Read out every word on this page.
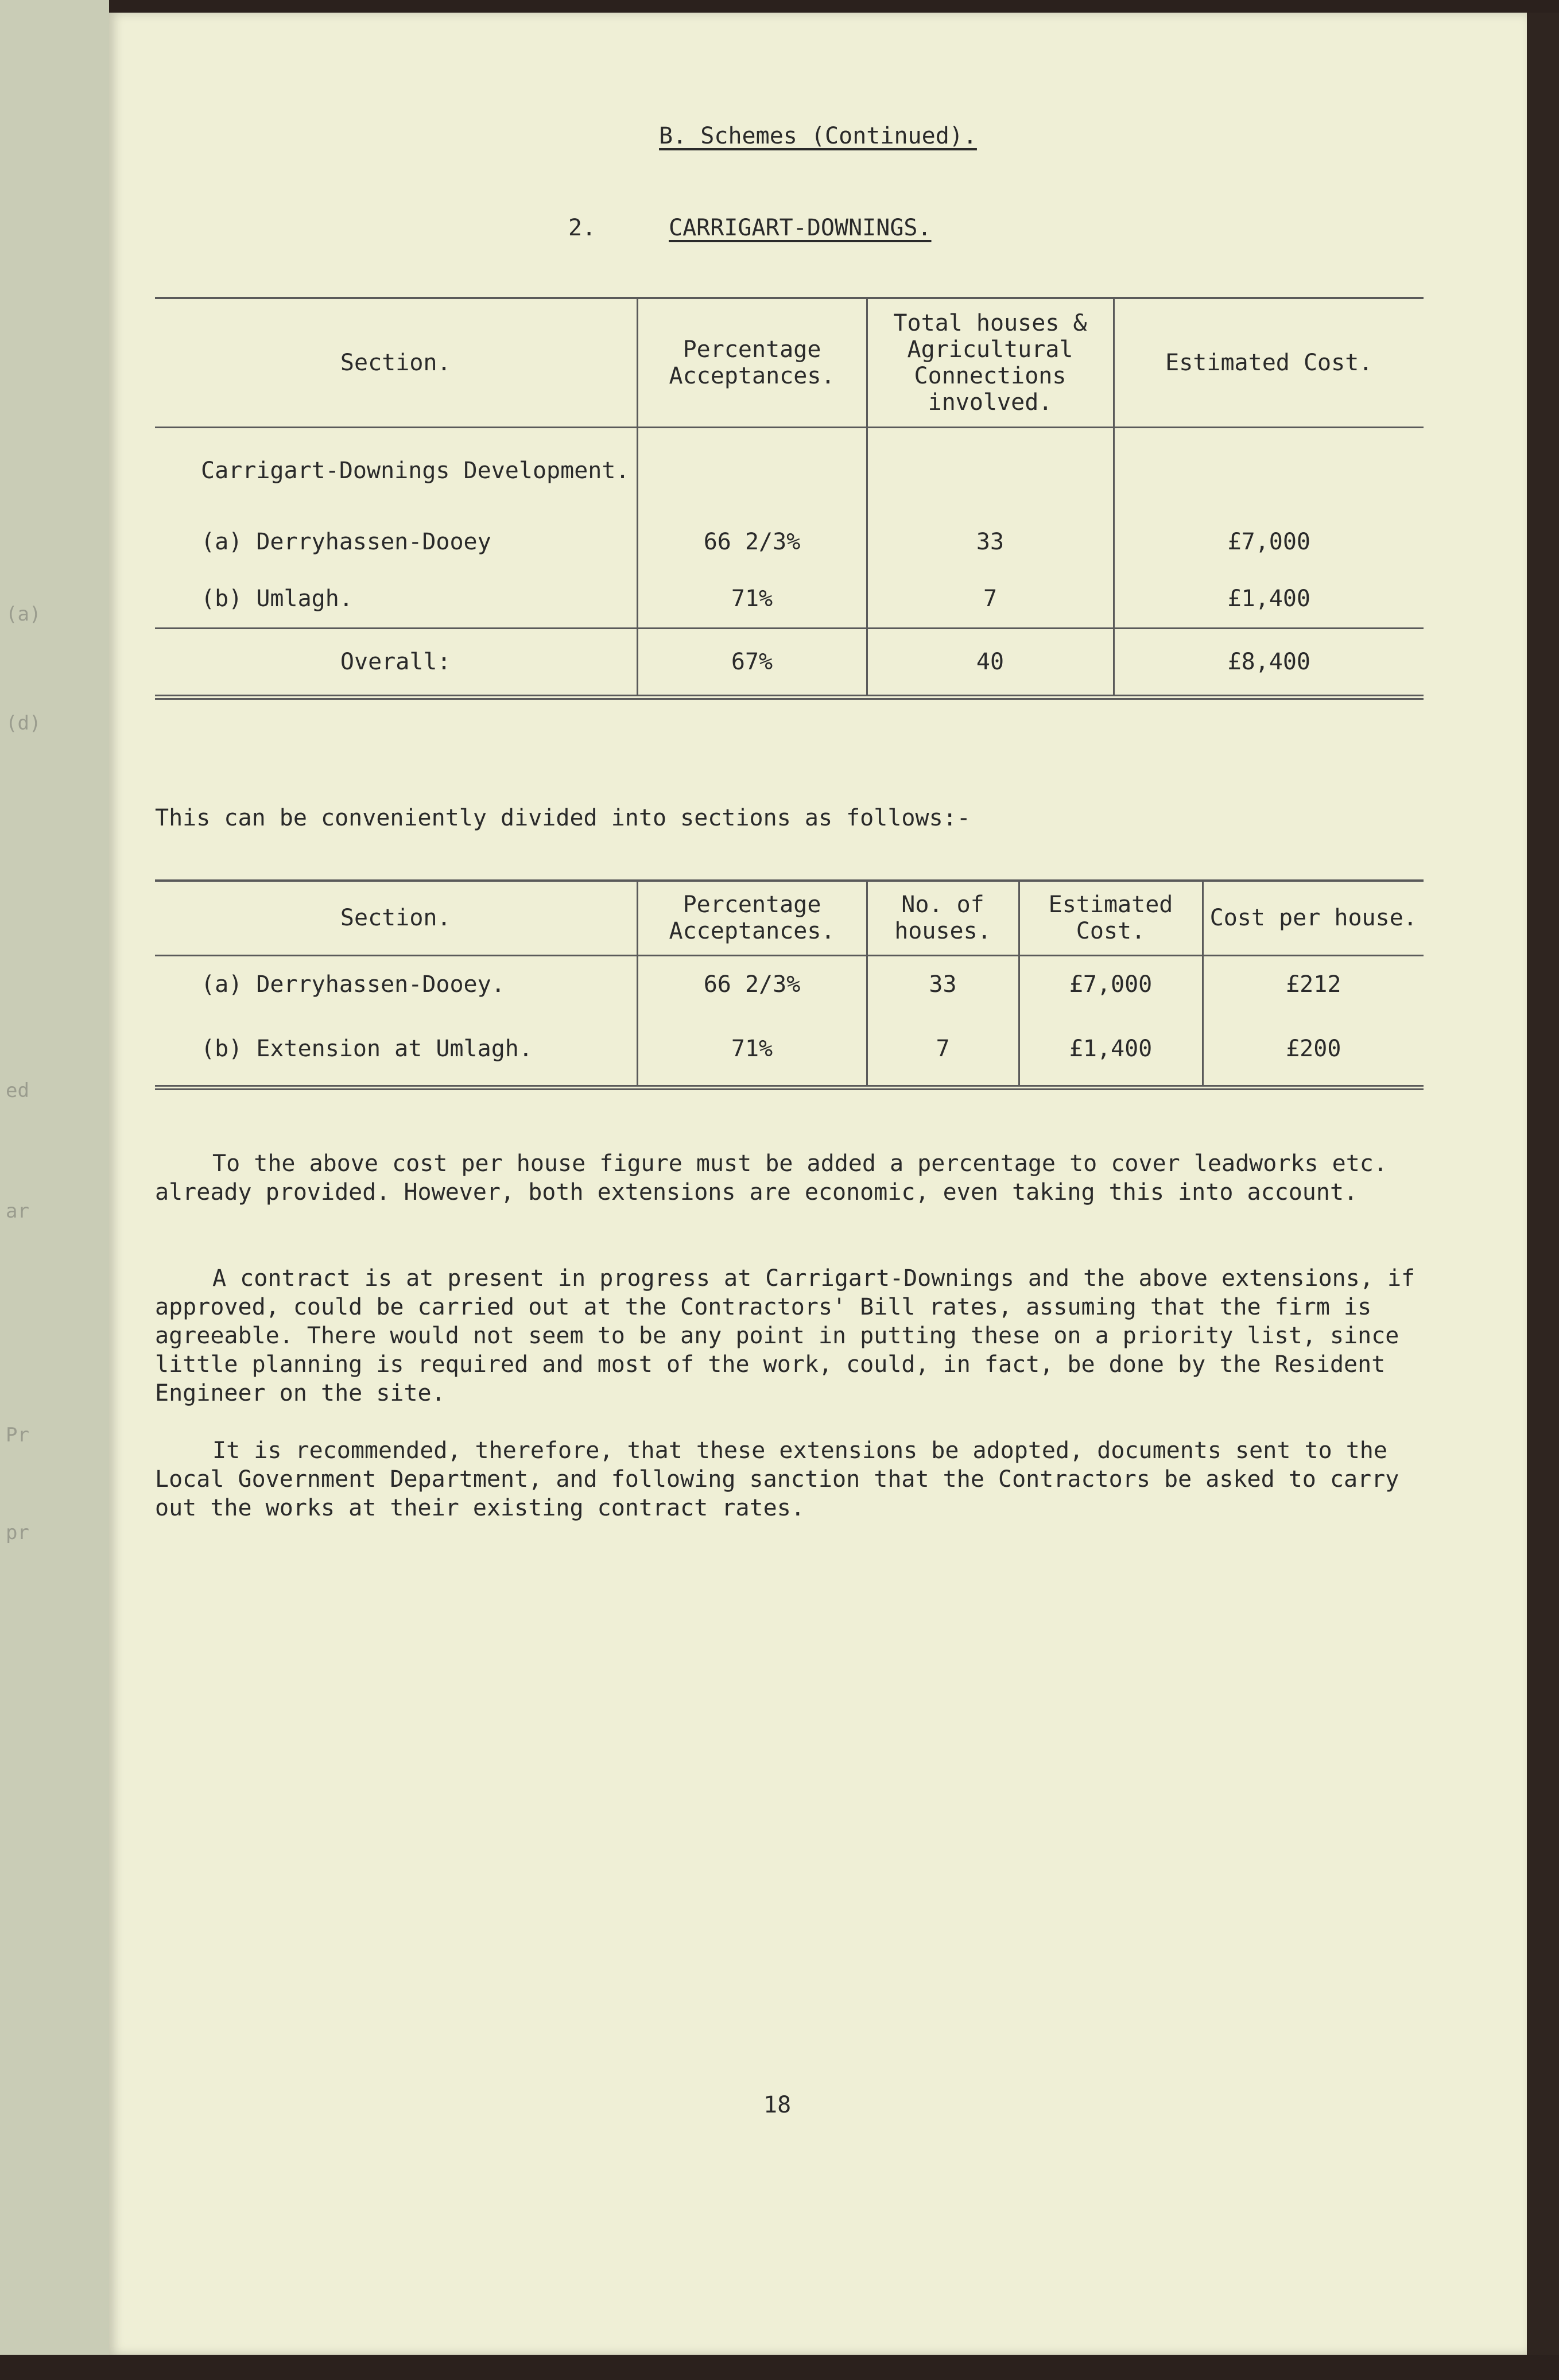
(a)
(d)
ed
ar
Pr
pr
B. Schemes (Continued).
2.	CARRIGART-DOWNINGS.
Section.	Percentage Acceptances.	Total houses & Agricultural Connections involved.	Estimated Cost.
Carrigart-Downings Development.			
(a) Derryhassen-Dooey	66 2/3%	33	£7,000
(b) Umlagh.	71%	7	£1,400
Overall:	67%	40	£8,400
This can be conveniently divided into sections as follows:-
Section.	Percentage Acceptances.	No. of houses.	Estimated Cost.	Cost per house.
(a) Derryhassen-Dooey.	66 2/3%	33	£7,000	£212
(b) Extension at Umlagh.	71%	7	£1,400	£200
To the above cost per house figure must be added a percentage to cover leadworks etc. already provided. However, both extensions are economic, even taking this into account.
A contract is at present in progress at Carrigart-Downings and the above extensions, if approved, could be carried out at the Contractors' Bill rates, assuming that the firm is agreeable. There would not seem to be any point in putting these on a priority list, since little planning is required and most of the work, could, in fact, be done by the Resident Engineer on the site.
It is recommended, therefore, that these extensions be adopted, documents sent to the Local Government Department, and following sanction that the Contractors be asked to carry out the works at their existing contract rates.
18
